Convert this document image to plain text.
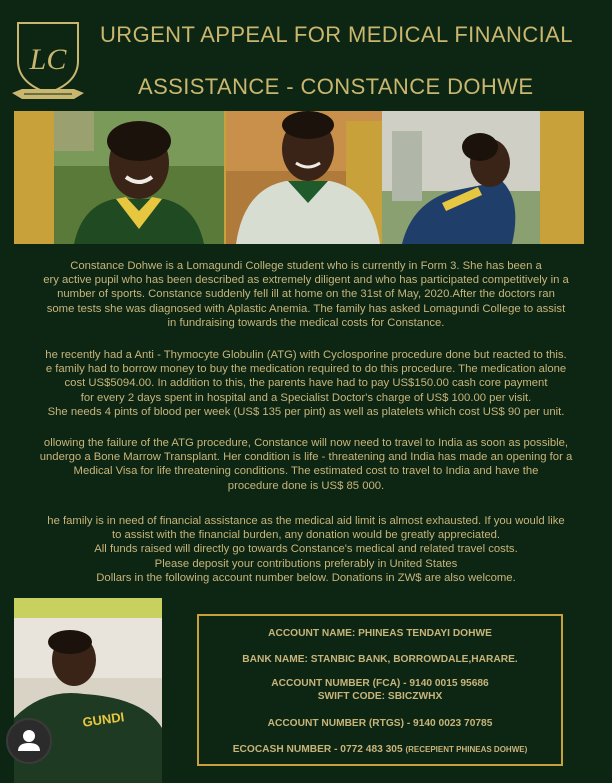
LC
URGENT APPEAL FOR MEDICAL FINANCIAL
ASSISTANCE - CONSTANCE DOHWE
Constance Dohwe is a Lomagundi College student who is currently in Form 3. She has been a
ery active pupil who has been described as extremely diligent and who has participated competitively in a
number of sports. Constance suddenly fell ill at home on the 31st of May, 2020.After the doctors ran
some tests she was diagnosed with Aplastic Anemia. The family has asked Lomagundi College to assist
in fundraising towards the medical costs for Constance.
he recently had a Anti - Thymocyte Globulin (ATG) with Cyclosporine procedure done but reacted to this.
e family had to borrow money to buy the medication required to do this procedure. The medication alone
cost US$5094.00. In addition to this, the parents have had to pay US$150.00 cash core payment
for every 2 days spent in hospital and a Specialist Doctor's charge of US$ 100.00 per visit.
She needs 4 pints of blood per week (US$ 135 per pint) as well as platelets which cost US$ 90 per unit.
ollowing the failure of the ATG procedure, Constance will now need to travel to India as soon as possible,
undergo a Bone Marrow Transplant. Her condition is life - threatening and India has made an opening for a
Medical Visa for life threatening conditions. The estimated cost to travel to India and have the
procedure done is US$ 85 000.
he family is in need of financial assistance as the medical aid limit is almost exhausted. If you would like
to assist with the financial burden, any donation would be greatly appreciated.
All funds raised will directly go towards Constance's medical and related travel costs.
Please deposit your contributions preferably in United States
Dollars in the following account number below. Donations in ZW$ are also welcome.
GUNDI
ACCOUNT NAME: PHINEAS TENDAYI DOHWE
BANK NAME: STANBIC BANK, BORROWDALE,HARARE.
ACCOUNT NUMBER (FCA) - 9140 0015 95686
SWIFT CODE: SBICZWHX
ACCOUNT NUMBER (RTGS) - 9140 0023 70785
ECOCASH NUMBER - 0772 483 305 (RECEPIENT PHINEAS DOHWE)
